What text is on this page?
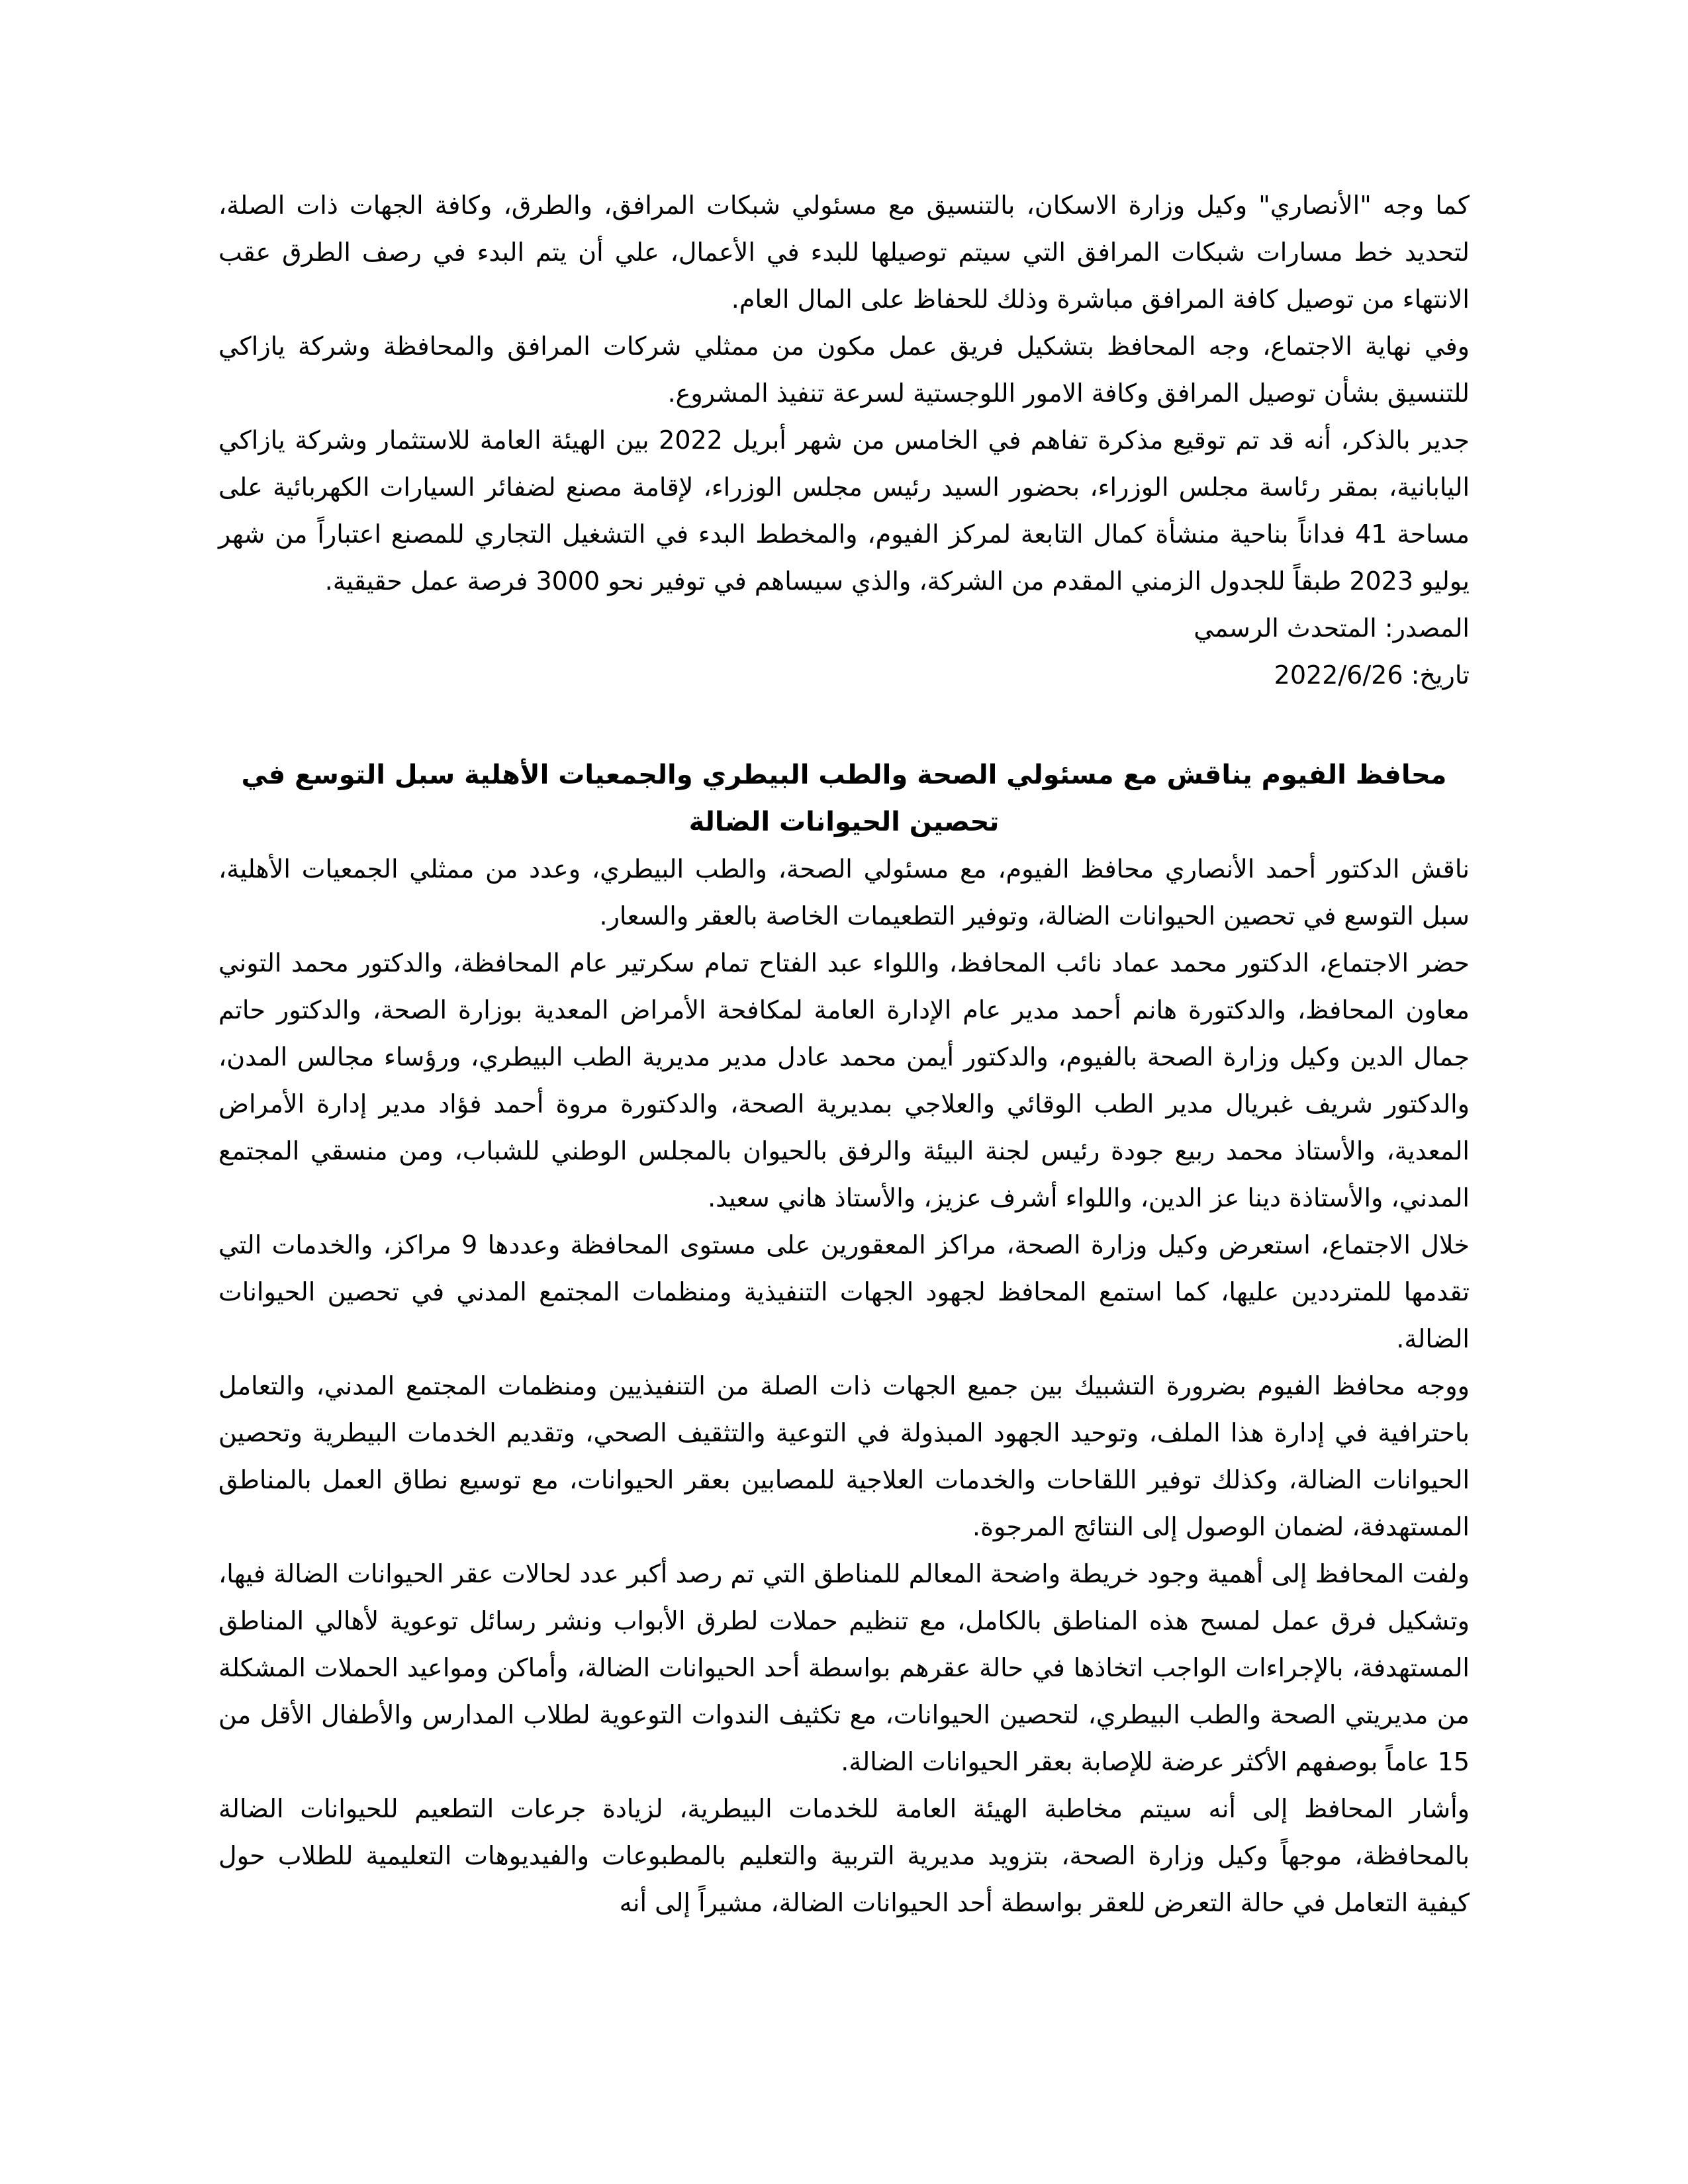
كما وجه "الأنصاري" وكيل وزارة الاسكان، بالتنسيق مع مسئولي شبكات المرافق، والطرق، وكافة الجهات ذات الصلة، لتحديد خط مسارات شبكات المرافق التي سيتم توصيلها للبدء في الأعمال، علي أن يتم البدء في رصف الطرق عقب الانتهاء من توصيل كافة المرافق مباشرة وذلك للحفاظ على المال العام.

وفي نهاية الاجتماع، وجه المحافظ بتشكيل فريق عمل مكون من ممثلي شركات المرافق والمحافظة وشركة يازاكي للتنسيق بشأن توصيل المرافق وكافة الامور اللوجستية لسرعة تنفيذ المشروع.

جدير بالذكر، أنه قد تم توقيع مذكرة تفاهم في الخامس من شهر أبريل 2022 بين الهيئة العامة للاستثمار وشركة يازاكي اليابانية، بمقر رئاسة مجلس الوزراء، بحضور السيد رئيس مجلس الوزراء، لإقامة مصنع لضفائر السيارات الكهربائية على مساحة 41 فداناً بناحية منشأة كمال التابعة لمركز الفيوم، والمخطط البدء في التشغيل التجاري للمصنع اعتباراً من شهر يوليو 2023 طبقاً للجدول الزمني المقدم من الشركة، والذي سيساهم في توفير نحو 3000 فرصة عمل حقيقية.

المصدر: المتحدث الرسمي

تاريخ: 2022/6/26

محافظ الفيوم يناقش مع مسئولي الصحة والطب البيطري والجمعيات الأهلية سبل التوسع في تحصين الحيوانات الضالة

ناقش الدكتور أحمد الأنصاري محافظ الفيوم، مع مسئولي الصحة، والطب البيطري، وعدد من ممثلي الجمعيات الأهلية، سبل التوسع في تحصين الحيوانات الضالة، وتوفير التطعيمات الخاصة بالعقر والسعار.

حضر الاجتماع، الدكتور محمد عماد نائب المحافظ، واللواء عبد الفتاح تمام سكرتير عام المحافظة، والدكتور محمد التوني معاون المحافظ، والدكتورة هانم أحمد مدير عام الإدارة العامة لمكافحة الأمراض المعدية بوزارة الصحة، والدكتور حاتم جمال الدين وكيل وزارة الصحة بالفيوم، والدكتور أيمن محمد عادل مدير مديرية الطب البيطري، ورؤساء مجالس المدن، والدكتور شريف غبريال مدير الطب الوقائي والعلاجي بمديرية الصحة، والدكتورة مروة أحمد فؤاد مدير إدارة الأمراض المعدية، والأستاذ محمد ربيع جودة رئيس لجنة البيئة والرفق بالحيوان بالمجلس الوطني للشباب، ومن منسقي المجتمع المدني، والأستاذة دينا عز الدين، واللواء أشرف عزيز، والأستاذ هاني سعيد.

خلال الاجتماع، استعرض وكيل وزارة الصحة، مراكز المعقورين على مستوى المحافظة وعددها 9 مراكز، والخدمات التي تقدمها للمترددين عليها، كما استمع المحافظ لجهود الجهات التنفيذية ومنظمات المجتمع المدني في تحصين الحيوانات الضالة.

ووجه محافظ الفيوم بضرورة التشبيك بين جميع الجهات ذات الصلة من التنفيذيين ومنظمات المجتمع المدني، والتعامل باحترافية في إدارة هذا الملف، وتوحيد الجهود المبذولة في التوعية والتثقيف الصحي، وتقديم الخدمات البيطرية وتحصين الحيوانات الضالة، وكذلك توفير اللقاحات والخدمات العلاجية للمصابين بعقر الحيوانات، مع توسيع نطاق العمل بالمناطق المستهدفة، لضمان الوصول إلى النتائج المرجوة.

ولفت المحافظ إلى أهمية وجود خريطة واضحة المعالم للمناطق التي تم رصد أكبر عدد لحالات عقر الحيوانات الضالة فيها، وتشكيل فرق عمل لمسح هذه المناطق بالكامل، مع تنظيم حملات لطرق الأبواب ونشر رسائل توعوية لأهالي المناطق المستهدفة، بالإجراءات الواجب اتخاذها في حالة عقرهم بواسطة أحد الحيوانات الضالة، وأماكن ومواعيد الحملات المشكلة من مديريتي الصحة والطب البيطري، لتحصين الحيوانات، مع تكثيف الندوات التوعوية لطلاب المدارس والأطفال الأقل من 15 عاماً بوصفهم الأكثر عرضة للإصابة بعقر الحيوانات الضالة.

وأشار المحافظ إلى أنه سيتم مخاطبة الهيئة العامة للخدمات البيطرية، لزيادة جرعات التطعيم للحيوانات الضالة بالمحافظة، موجهاً وكيل وزارة الصحة، بتزويد مديرية التربية والتعليم بالمطبوعات والفيديوهات التعليمية للطلاب حول كيفية التعامل في حالة التعرض للعقر بواسطة أحد الحيوانات الضالة، مشيراً إلى أنه
